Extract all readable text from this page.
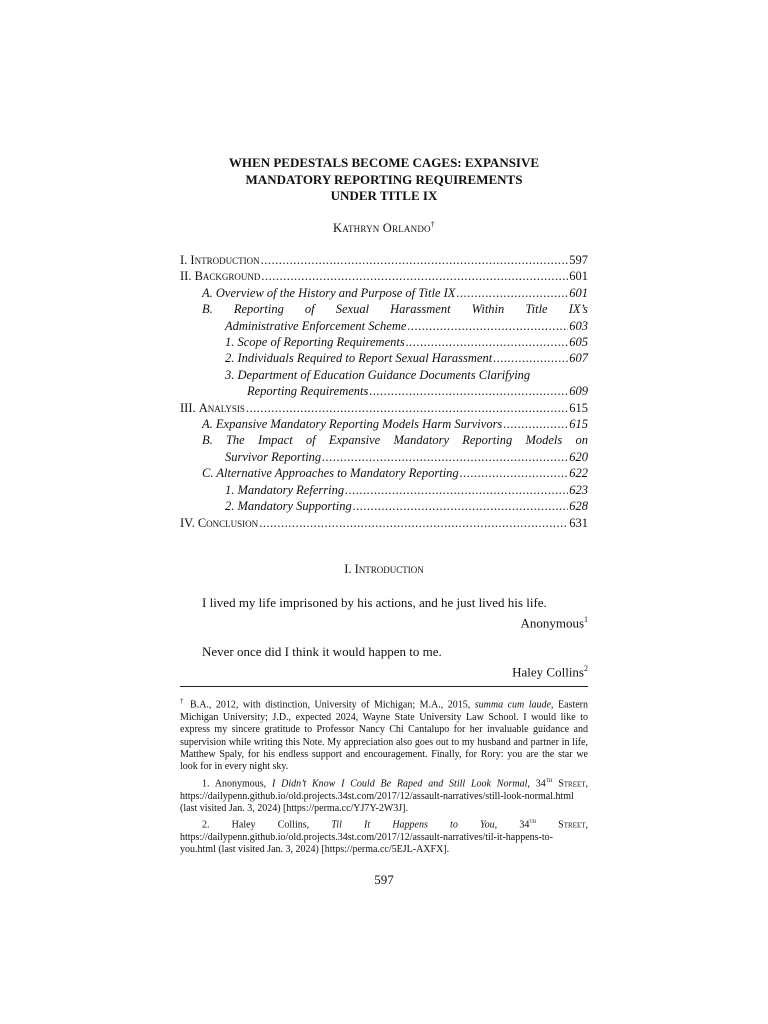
WHEN PEDESTALS BECOME CAGES: EXPANSIVE
MANDATORY REPORTING REQUIREMENTS
UNDER TITLE IX
Kathryn Orlando†
I. Introduction .....	597
II. Background .....	601
A. Overview of the History and Purpose of Title IX .....	601
B. Reporting of Sexual Harassment Within Title IX’s
Administrative Enforcement Scheme .....	603
1. Scope of Reporting Requirements .....	605
2. Individuals Required to Report Sexual Harassment .....	607
3. Department of Education Guidance Documents Clarifying
Reporting Requirements .....	609
III. Analysis .....	615
A. Expansive Mandatory Reporting Models Harm Survivors .....	615
B. The Impact of Expansive Mandatory Reporting Models on
Survivor Reporting .....	620
C. Alternative Approaches to Mandatory Reporting .....	622
1. Mandatory Referring .....	623
2. Mandatory Supporting .....	628
IV. Conclusion .....	631
I. Introduction
I lived my life imprisoned by his actions, and he just lived his life.
Anonymous$^1$
Never once did I think it would happen to me.
Haley Collins$^2$

† B.A., 2012, with distinction, University of Michigan; M.A., 2015, summa cum laude, Eastern Michigan University; J.D., expected 2024, Wayne State University Law School. I would like to express my sincere gratitude to Professor Nancy Chi Cantalupo for her invaluable guidance and supervision while writing this Note. My appreciation also goes out to my husband and partner in life, Matthew Spaly, for his endless support and encouragement. Finally, for Rory: you are the star we look for in every night sky.

1. Anonymous, I Didn’t Know I Could Be Raped and Still Look Normal, 34th Street, https://dailypenn.github.io/old.projects.34st.com/2017/12/assault-narratives/still-look-normal.html (last visited Jan. 3, 2024) [https://perma.cc/YJ7Y-2W3J].

2. Haley Collins, Til It Happens to You, 34th Street, https://dailypenn.github.io/old.projects.34st.com/2017/12/assault-narratives/til-it-happens-to-you.html (last visited Jan. 3, 2024) [https://perma.cc/5EJL-AXFX].

597
